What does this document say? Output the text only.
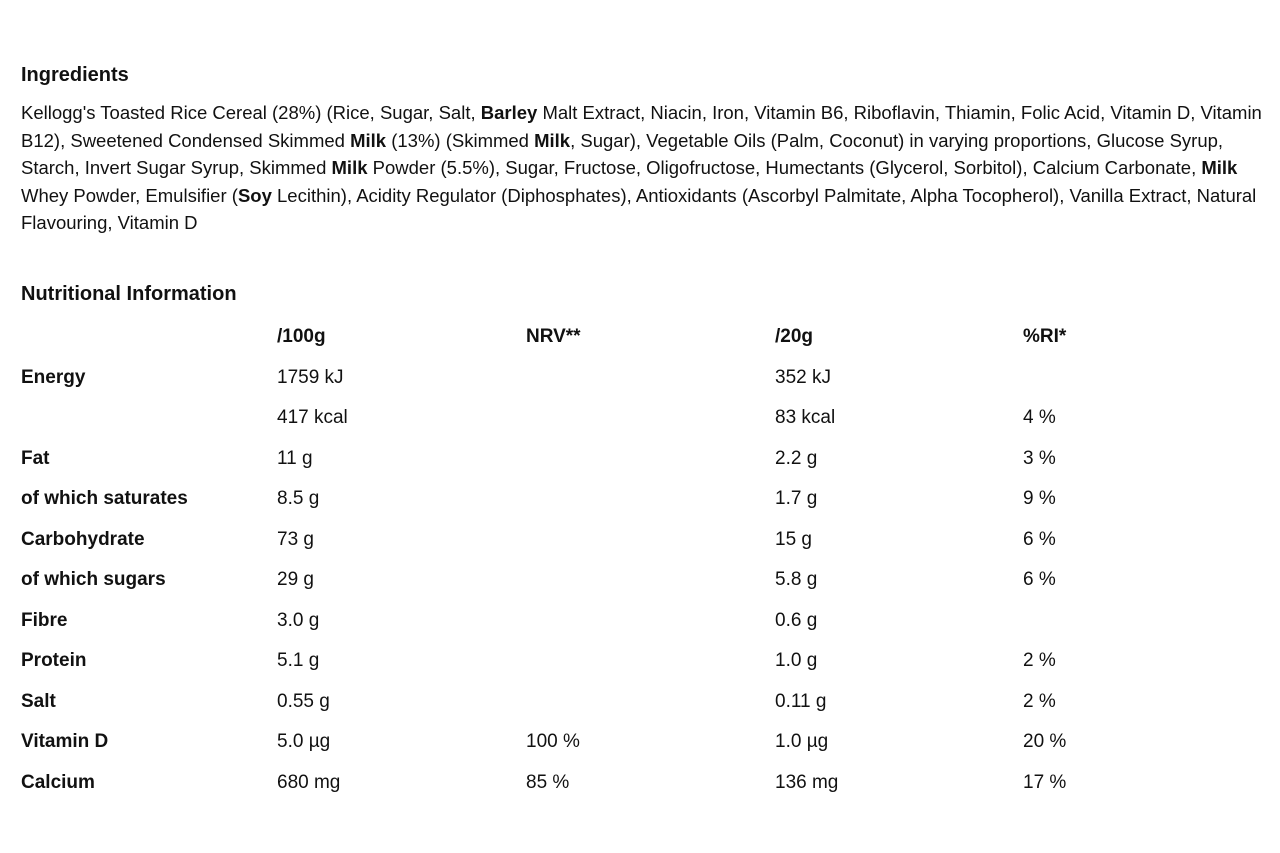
Ingredients

Kellogg's Toasted Rice Cereal (28%) (Rice, Sugar, Salt, Barley Malt Extract, Niacin, Iron, Vitamin B6, Riboflavin, Thiamin, Folic Acid, Vitamin D, Vitamin B12), Sweetened Condensed Skimmed Milk (13%) (Skimmed Milk, Sugar), Vegetable Oils (Palm, Coconut) in varying proportions, Glucose Syrup, Starch, Invert Sugar Syrup, Skimmed Milk Powder (5.5%), Sugar, Fructose, Oligofructose, Humectants (Glycerol, Sorbitol), Calcium Carbonate, Milk Whey Powder, Emulsifier (Soy Lecithin), Acidity Regulator (Diphosphates), Antioxidants (Ascorbyl Palmitate, Alpha Tocopherol), Vanilla Extract, Natural Flavouring, Vitamin D

Nutritional Information
	/100g	NRV**	/20g	%RI*
Energy	1759 kJ		352 kJ	
	417 kcal		83 kcal	4 %
Fat	11 g		2.2 g	3 %
of which saturates	8.5 g		1.7 g	9 %
Carbohydrate	73 g		15 g	6 %
of which sugars	29 g		5.8 g	6 %
Fibre	3.0 g		0.6 g	
Protein	5.1 g		1.0 g	2 %
Salt	0.55 g		0.11 g	2 %
Vitamin D	5.0 µg	100 %	1.0 µg	20 %
Calcium	680 mg	85 %	136 mg	17 %
